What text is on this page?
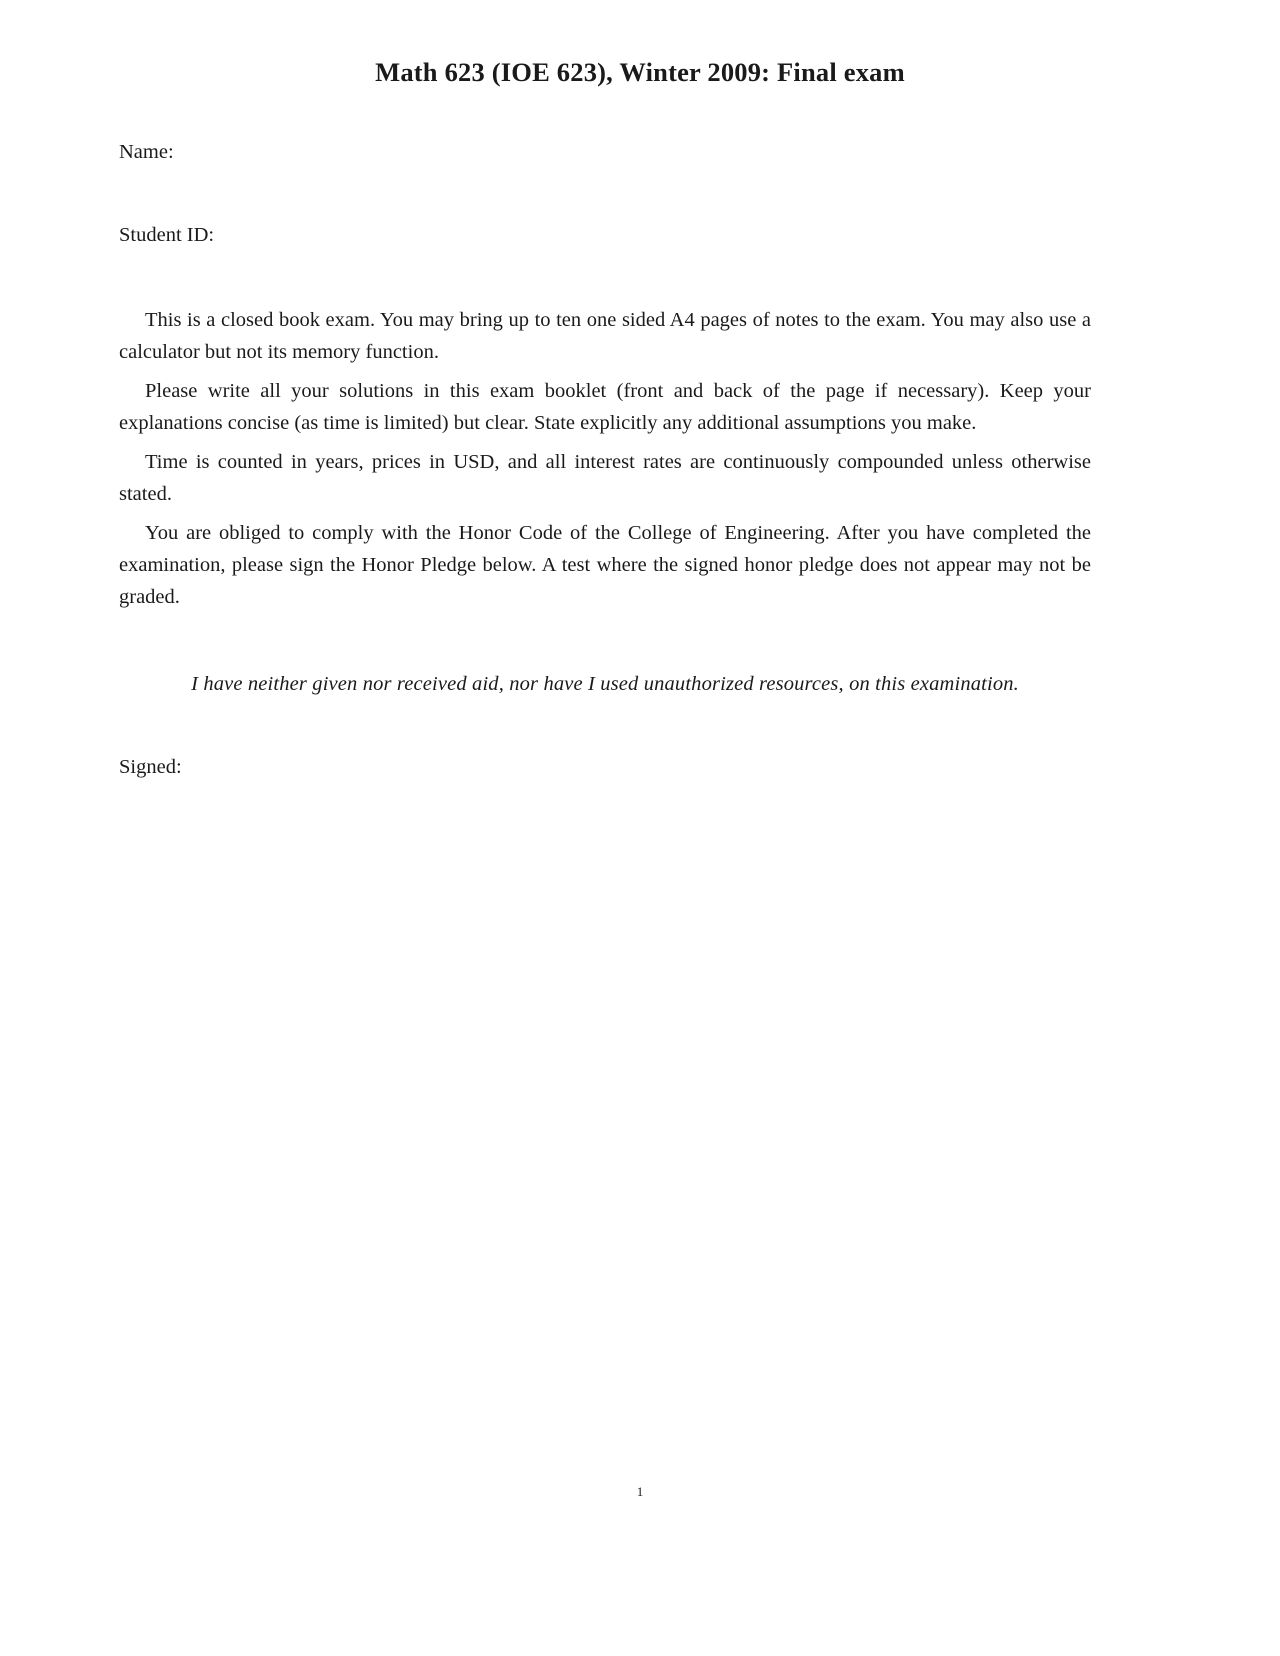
Math 623 (IOE 623), Winter 2009: Final exam

Name:

Student ID:

This is a closed book exam. You may bring up to ten one sided A4 pages of notes to the exam. You may also use a calculator but not its memory function.

Please write all your solutions in this exam booklet (front and back of the page if necessary). Keep your explanations concise (as time is limited) but clear. State explicitly any additional assumptions you make.

Time is counted in years, prices in USD, and all interest rates are continuously compounded unless otherwise stated.

You are obliged to comply with the Honor Code of the College of Engineering. After you have completed the examination, please sign the Honor Pledge below. A test where the signed honor pledge does not appear may not be graded.

I have neither given nor received aid, nor have I used unauthorized resources, on this examination.

Signed:

1
